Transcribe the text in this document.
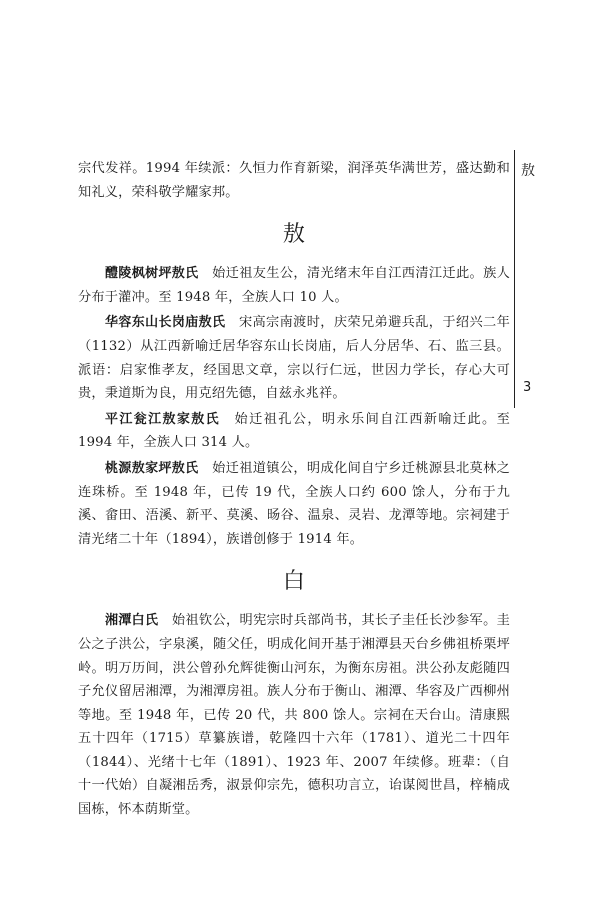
敖
3

宗代发祥。1994 年续派：久恒力作育新梁，润泽英华满世芳，盛达勤和知礼义，荣科敬学耀家邦。

敖

醴陵枫树坪敖氏　 始迁祖友生公，清光绪末年自江西清江迁此。族人分布于灌冲。至 1948 年，全族人口 10 人。

华容东山长岗庙敖氏　 宋高宗南渡时，庆荣兄弟避兵乱，于绍兴二年（1132）从江西新喻迁居华容东山长岗庙，后人分居华、石、监三县。派语：启家惟孝友，经国思文章，宗以行仁远，世因力学长，存心大可贵，秉道斯为良，用克绍先德，自兹永兆祥。

平江瓮江敖家敖氏　 始迁祖孔公，明永乐间自江西新喻迁此。至 1994 年，全族人口 314 人。

桃源敖家坪敖氏　 始迁祖道镇公，明成化间自宁乡迁桃源县北莫林之连珠桥。至 1948 年，已传 19 代，全族人口约 600 馀人，分布于九溪、畲田、浯溪、新平、莫溪、旸谷、温泉、灵岩、龙潭等地。宗祠建于清光绪二十年（1894），族谱创修于 1914 年。

白

湘潭白氏　 始祖钦公，明宪宗时兵部尚书，其长子圭任长沙参军。圭公之子洪公，字泉溪，随父任，明成化间开基于湘潭县天台乡佛祖桥栗坪岭。明万历间，洪公曾孙允辉徙衡山河东，为衡东房祖。洪公孙友彪随四子允仪留居湘潭，为湘潭房祖。族人分布于衡山、湘潭、华容及广西柳州等地。至 1948 年，已传 20 代，共 800 馀人。宗祠在天台山。清康熙五十四年（1715）草纂族谱，乾隆四十六年（1781）、道光二十四年（1844）、光绪十七年（1891）、1923 年、2007 年续修。班辈：（自十一代始）自凝湘岳秀，淑景仰宗先，德积功言立，诒谋阅世昌，梓楠成国栋，怀本荫斯堂。
